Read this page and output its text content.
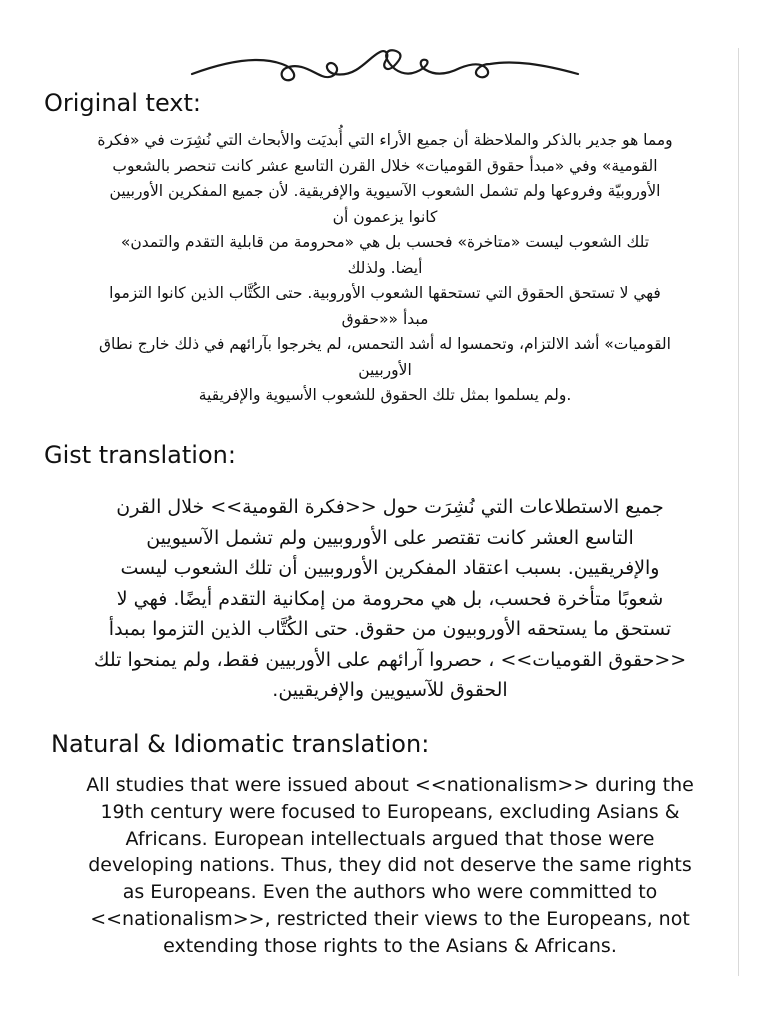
Original text:
ومما هو جدير بالذكر والملاحظة أن جميع الأراء التي أُبديَت والأبحاث التي نُشِرَت في «فكرة
القومية» وفي «مبدأ حقوق القوميات» خلال القرن التاسع عشر كانت تنحصر بالشعوب
الأوروبيّة وفروعها ولم تشمل الشعوب الآسيوية والإفريقية. لأن جميع المفكرين الأوربيين
كانوا يزعمون أن
تلك الشعوب ليست «متاخرة» فحسب بل هي «محرومة من قابلية التقدم والتمدن»
أيضا. ولذلك
فهي لا تستحق الحقوق التي تستحقها الشعوب الأوروبية. حتى الكُتَّاب الذين كانوا التزموا
مبدأ ««حقوق
القوميات» أشد الالتزام، وتحمسوا له أشد التحمس، لم يخرجوا بآرائهم في ذلك خارج نطاق
الأوربيين
.ولم يسلموا بمثل تلك الحقوق للشعوب الأسيوية والإفريقية
Gist translation:
جميع الاستطلاعات التي نُشِرَت حول <<فكرة القومية>> خلال القرن
التاسع العشر كانت تقتصر على الأوروبيين ولم تشمل الآسيويين
والإفريقيين. بسبب اعتقاد المفكرين الأوروبيين أن تلك الشعوب ليست
شعوبًا متأخرة فحسب، بل هي محرومة من إمكانية التقدم أيضًا. فهي لا
تستحق ما يستحقه الأوروبيون من حقوق. حتى الكُتَّاب الذين التزموا بمبدأ
<<حقوق القوميات>> ، حصروا آرائهم على الأوربيين فقط، ولم يمنحوا تلك
الحقوق للآسيويين والإفريقيين.
Natural & Idiomatic translation:
All studies that were issued about <<nationalism>> during the
19th century were focused to Europeans, excluding Asians &
Africans. European intellectuals argued that those were
developing nations. Thus, they did not deserve the same rights
as Europeans. Even the authors who were committed to
<<nationalism>>, restricted their views to the Europeans, not
extending those rights to the Asians & Africans.
